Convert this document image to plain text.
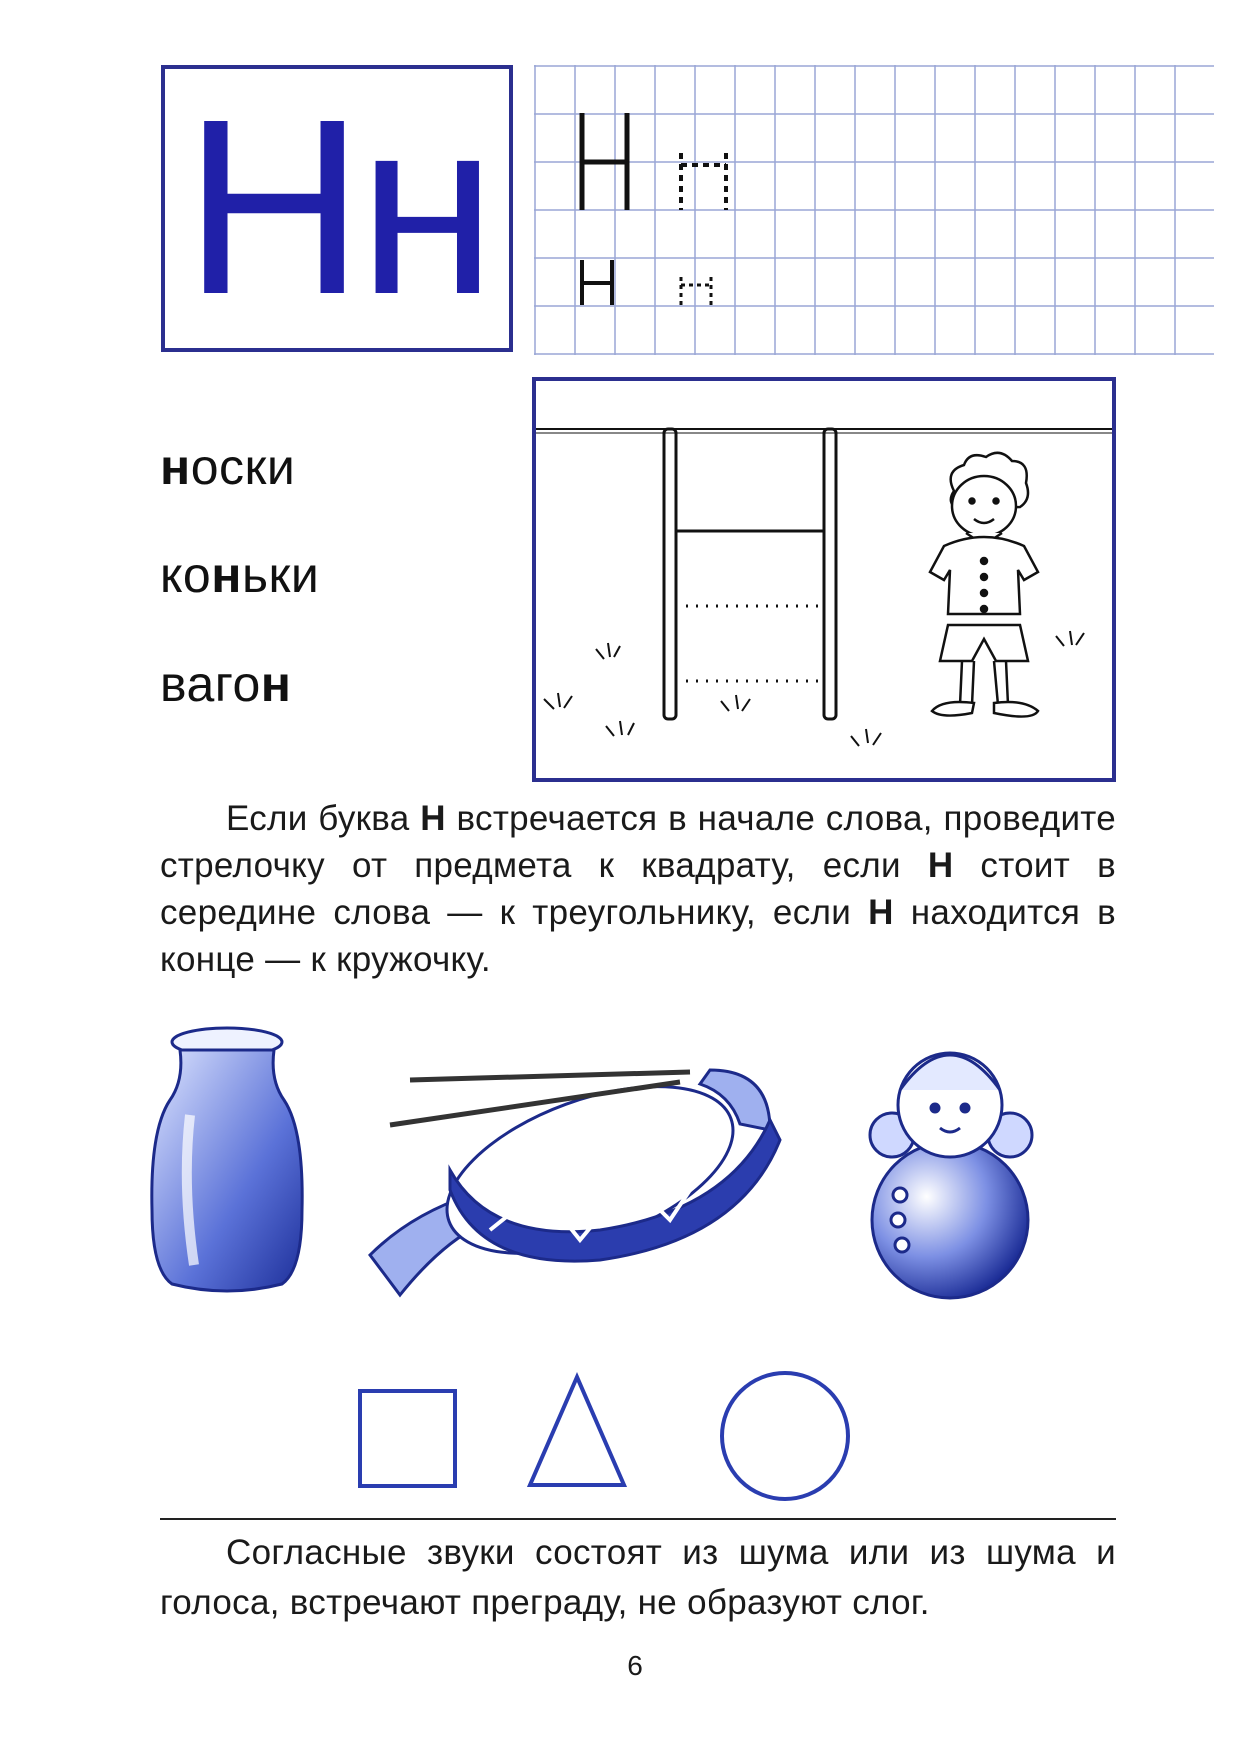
Нн
носки
коньки
вагон
Если буква Н встречается в начале слова, проведите стрелочку от предмета к квадрату, если Н стоит в середине слова — к треугольнику, если Н находится в конце — к кружочку.
Согласные звуки состоят из шума или из шума и голоса, встречают преграду, не образуют слог.
6
